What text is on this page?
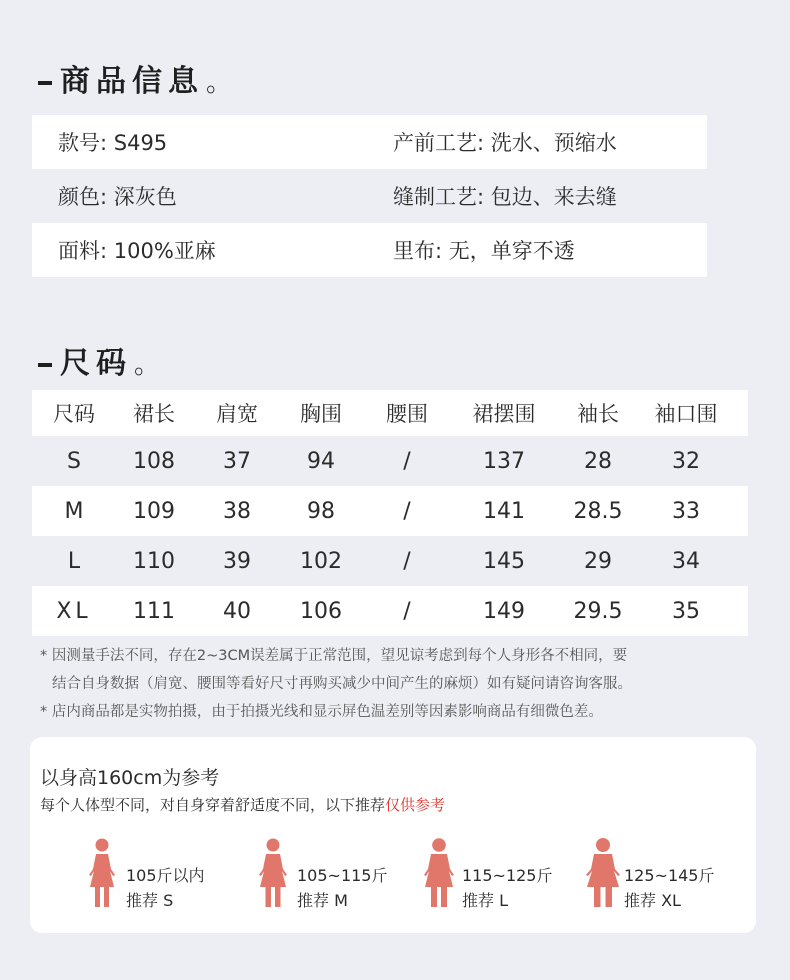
商品信息。
款号: S495	产前工艺: 洗水、预缩水
颜色: 深灰色	缝制工艺: 包边、来去缝
面料: 100%亚麻	里布: 无，单穿不透
尺码。
尺码	裙长	肩宽	胸围	腰围	裙摆围	袖长	袖口围
S	108	37	94	/	137	28	32
M	109	38	98	/	141	28.5	33
L	110	39	102	/	145	29	34
XL	111	40	106	/	149	29.5	35
* 因测量手法不同，存在2~3CM误差属于正常范围，望见谅考虑到每个人身形各不相同，要
结合自身数据（肩宽、腰围等看好尺寸再购买减少中间产生的麻烦）如有疑问请咨询客服。
* 店内商品都是实物拍摄，由于拍摄光线和显示屏色温差别等因素影响商品有细微色差。
以身高160cm为参考
每个人体型不同，对自身穿着舒适度不同，以下推荐仅供参考
105斤以内
推荐 S
105~115斤
推荐 M
115~125斤
推荐 L
125~145斤
推荐 XL
